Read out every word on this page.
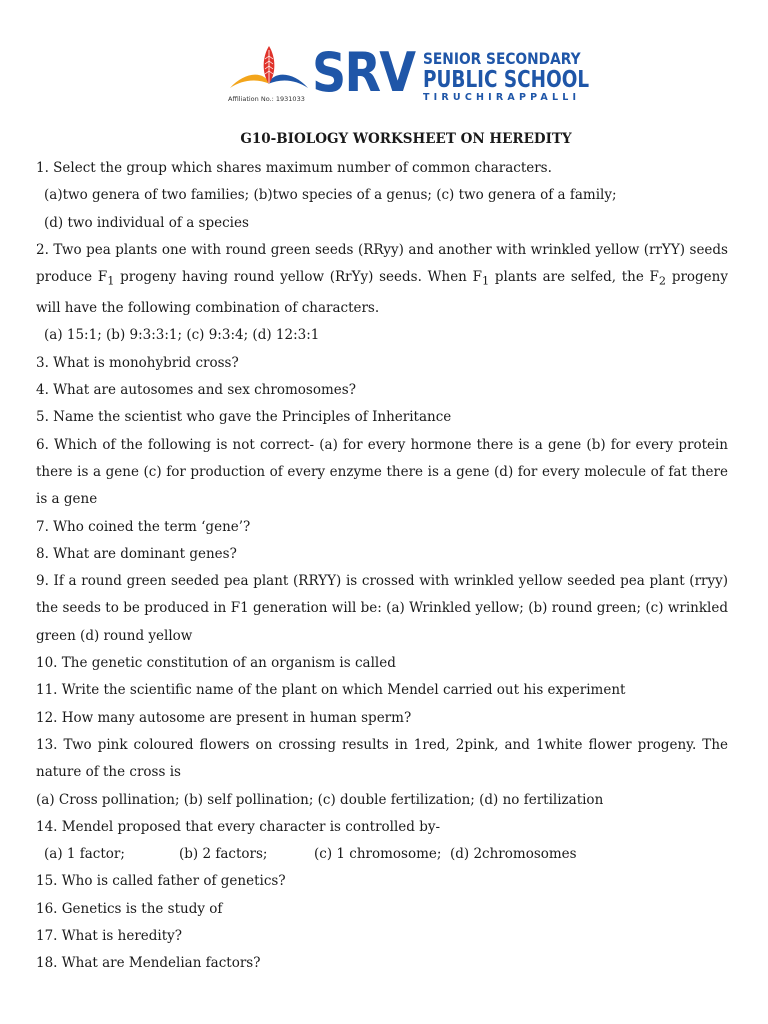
Affiliation No.: 1931033 SRV SENIOR SECONDARY
PUBLIC SCHOOL
TIRUCHIRAPPALLI
G10-BIOLOGY WORKSHEET ON HEREDITY

1. Select the group which shares maximum number of common characters.

(a)two genera of two families; (b)two species of a genus; (c) two genera of a family;

(d) two individual of a species

2. Two pea plants one with round green seeds (RRyy) and another with wrinkled yellow (rrYY) seeds produce $F_1$ progeny having round yellow (RrYy) seeds. When $F_1$ plants are selfed, the $F_2$ progeny will have the following combination of characters.

(a) 15:1; (b) 9:3:3:1; (c) 9:3:4; (d) 12:3:1

3. What is monohybrid cross?

4. What are autosomes and sex chromosomes?

5. Name the scientist who gave the Principles of Inheritance

6. Which of the following is not correct- (a) for every hormone there is a gene (b) for every protein there is a gene (c) for production of every enzyme there is a gene (d) for every molecule of fat there is a gene

7. Who coined the term ‘gene’?

8. What are dominant genes?

9. If a round green seeded pea plant (RRYY) is crossed with wrinkled yellow seeded pea plant (rryy) the seeds to be produced in F1 generation will be: (a) Wrinkled yellow; (b) round green; (c) wrinkled green (d) round yellow

10. The genetic constitution of an organism is called

11. Write the scientific name of the plant on which Mendel carried out his experiment

12. How many autosome are present in human sperm?

13. Two pink coloured flowers on crossing results in 1red, 2pink, and 1white flower progeny. The nature of the cross is

(a) Cross pollination; (b) self pollination; (c) double fertilization; (d) no fertilization

14. Mendel proposed that every character is controlled by-

(a) 1 factor;	(b) 2 factors;	(c) 1 chromosome; (d) 2chromosomes

15. Who is called father of genetics?

16. Genetics is the study of

17. What is heredity?

18. What are Mendelian factors?
